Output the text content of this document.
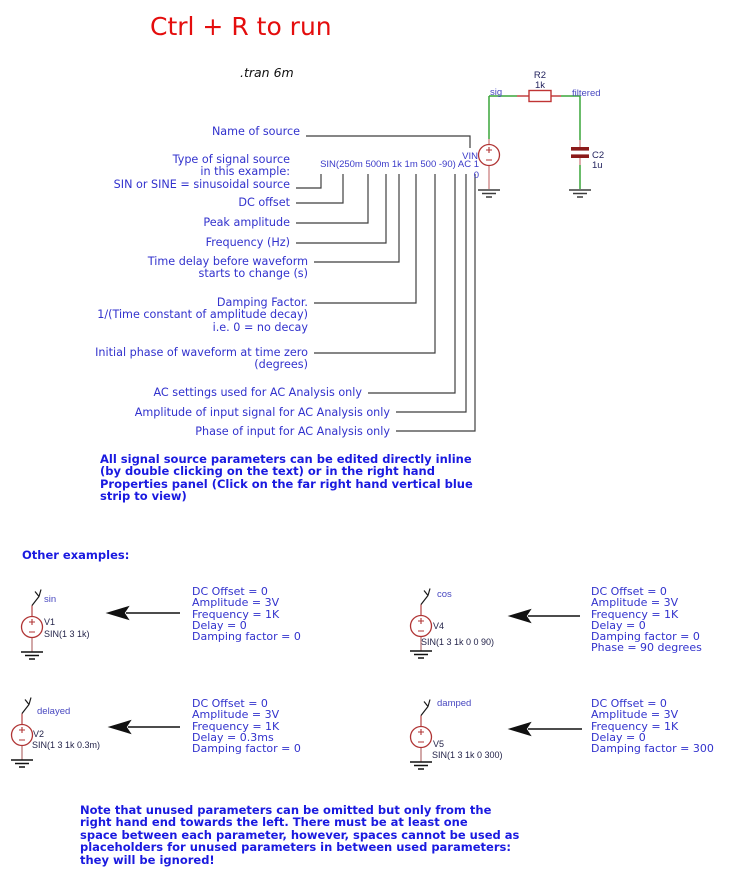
Ctrl + R to run
.tran 6m
sig	filtered
R2
1k
C2
1u
VIN
SIN(250m 500m 1k 1m 500 -90) AC 1 0
Name of source
Type of signal source
in this example:
SIN or SINE = sinusoidal source
DC offset
Peak amplitude
Frequency (Hz)
Time delay before waveform
starts to change (s)
Damping Factor.
1/(Time constant of amplitude decay)
i.e. 0 = no decay
Initial phase of waveform at time zero
(degrees)
AC settings used for AC Analysis only
Amplitude of input signal for AC Analysis only
Phase of input for AC Analysis only
All signal source parameters can be edited directly inline
(by double clicking on the text) or in the right hand
Properties panel (Click on the far right hand vertical blue
strip to view)
Other examples:
Note that unused parameters can be omitted but only from the
right hand end towards the left. There must be at least one
space between each parameter, however, spaces cannot be used as
placeholders for unused parameters in between used parameters:
they will be ignored!
sin
V1
SIN(1 3 1k)
DC Offset = 0
Amplitude = 3V
Frequency = 1K
Delay = 0
Damping factor = 0
cos
V4
SIN(1 3 1k 0 0 90)
DC Offset = 0
Amplitude = 3V
Frequency = 1K
Delay = 0
Damping factor = 0
Phase = 90 degrees
delayed
V2
SIN(1 3 1k 0.3m)
DC Offset = 0
Amplitude = 3V
Frequency = 1K
Delay = 0.3ms
Damping factor = 0
damped
V5
SIN(1 3 1k 0 300)
DC Offset = 0
Amplitude = 3V
Frequency = 1K
Delay = 0
Damping factor = 300
